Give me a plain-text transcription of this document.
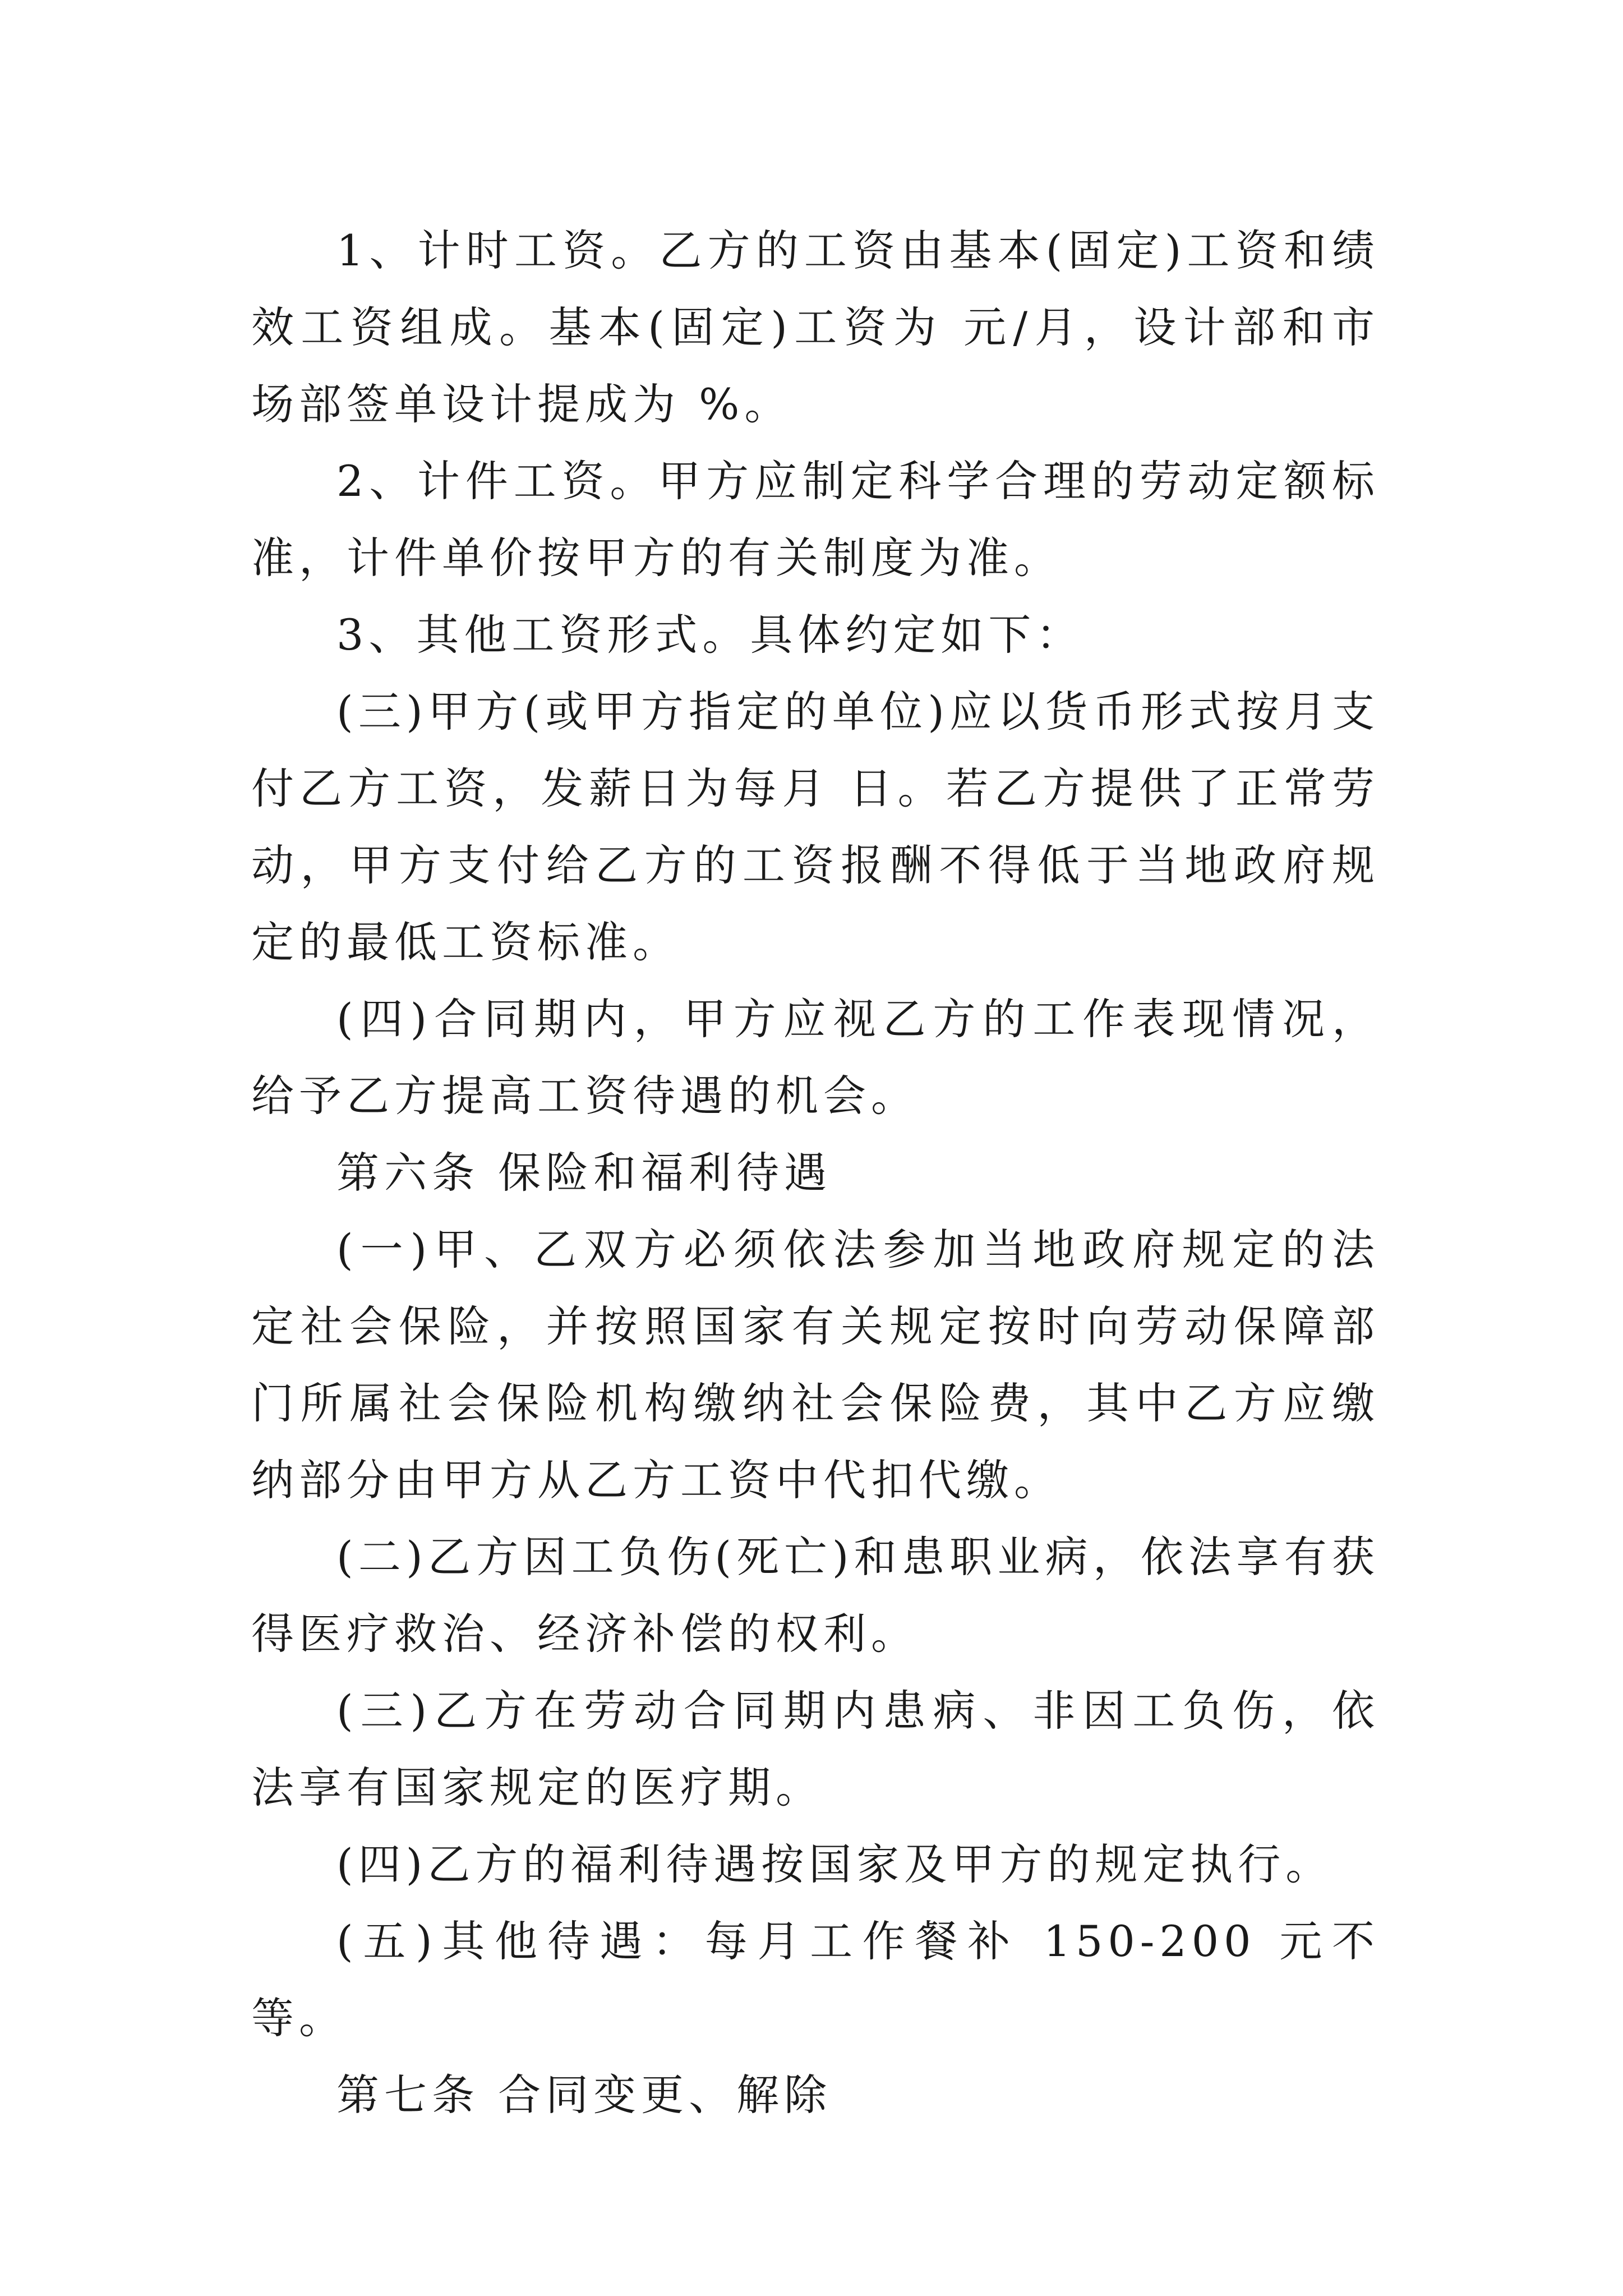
1、计时工资。乙方的工资由基本(固定)工资和绩效工资组成。基本(固定)工资为 元/月，设计部和市场部签单设计提成为 %。

2、计件工资。甲方应制定科学合理的劳动定额标准，计件单价按甲方的有关制度为准。

3、其他工资形式。具体约定如下：

(三)甲方(或甲方指定的单位)应以货币形式按月支付乙方工资，发薪日为每月 日。若乙方提供了正常劳动，甲方支付给乙方的工资报酬不得低于当地政府规定的最低工资标准。

(四)合同期内，甲方应视乙方的工作表现情况，给予乙方提高工资待遇的机会。

第六条 保险和福利待遇

(一)甲、乙双方必须依法参加当地政府规定的法定社会保险，并按照国家有关规定按时向劳动保障部门所属社会保险机构缴纳社会保险费，其中乙方应缴纳部分由甲方从乙方工资中代扣代缴。

(二)乙方因工负伤(死亡)和患职业病，依法享有获得医疗救治、经济补偿的权利。

(三)乙方在劳动合同期内患病、非因工负伤，依法享有国家规定的医疗期。

(四)乙方的福利待遇按国家及甲方的规定执行。

(五)其他待遇：每月工作餐补 150-200 元不等。

第七条 合同变更、解除
